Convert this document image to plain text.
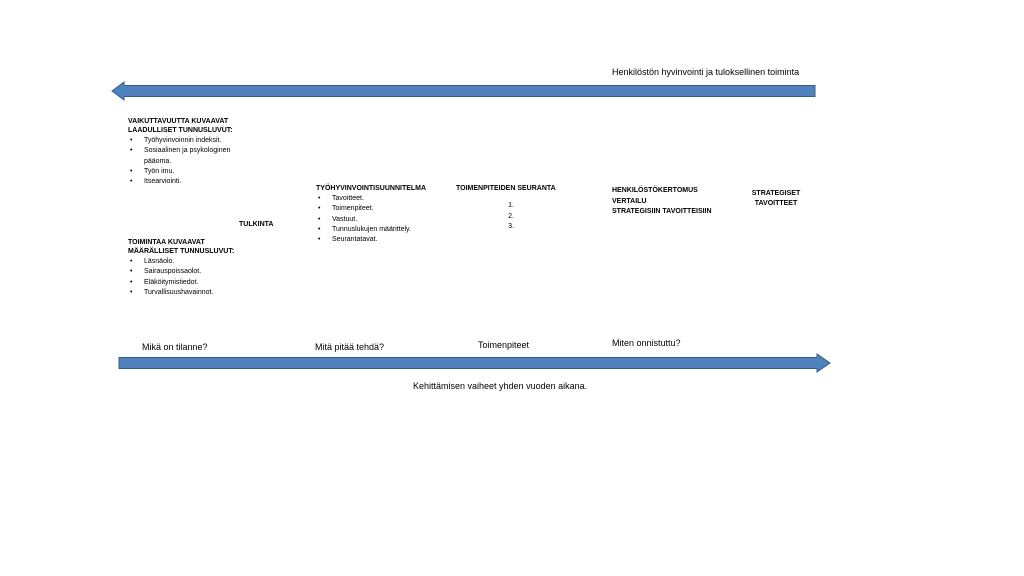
Henkilöstön hyvinvointi ja tuloksellinen toiminta
VAIKUTTAVUUTTA KUVAAVAT
LAADULLISET TUNNUSLUVUT:
• Työhyvinvoinnin indeksit.
• Sosiaalinen ja psykologinen pääoma.
• Työn imu.
• Itsearviointi.
TULKINTA
TOIMINTAA KUVAAVAT
MÄÄRÄLLISET TUNNUSLUVUT:
• Läsnäolo.
• Sairauspoissaolot.
• Eläköitymistiedot.
• Turvallisuushavainnot.
TYÖHYVINVOINTISUUNNITELMA
• Tavoitteet.
• Toimenpiteet.
• Vastuut.
• Tunnuslukujen määrittely.
• Seurantatavat.
TOIMENPITEIDEN SEURANTA
1.
2.
3.
HENKILÖSTÖKERTOMUS
VERTAILU
STRATEGISIIN TAVOITTEISIIN
STRATEGISET
TAVOITTEET
Mikä on tilanne?	Mitä pitää tehdä?	Toimenpiteet	Miten onnistuttu?
Kehittämisen vaiheet yhden vuoden aikana.
